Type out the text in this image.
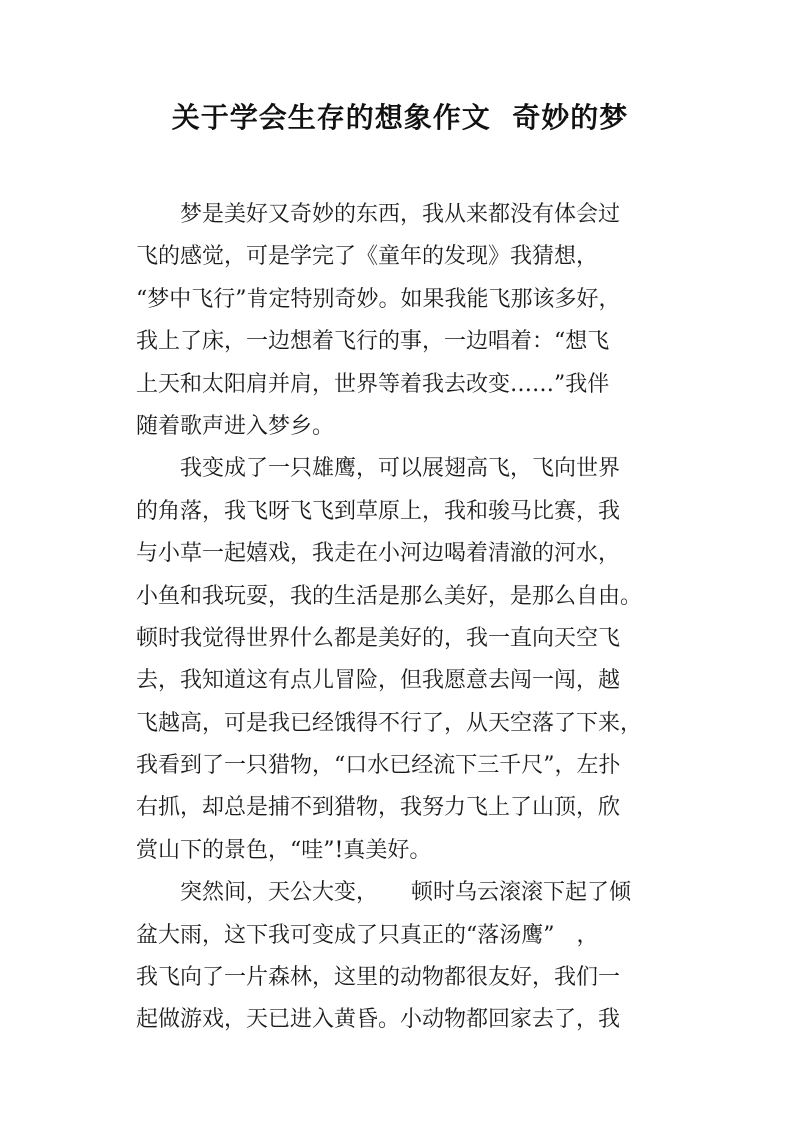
关于学会生存的想象作文  奇妙的梦
　　梦是美好又奇妙的东西，我从来都没有体会过
飞的感觉，可是学完了《童年的发现》我猜想，
“梦中飞行”肯定特别奇妙。如果我能飞那该多好，
我上了床，一边想着飞行的事，一边唱着：“想飞
上天和太阳肩并肩，世界等着我去改变……”我伴
随着歌声进入梦乡。
　　我变成了一只雄鹰，可以展翅高飞，飞向世界
的角落，我飞呀飞飞到草原上，我和骏马比赛，我
与小草一起嬉戏，我走在小河边喝着清澈的河水，
小鱼和我玩耍，我的生活是那么美好，是那么自由。
顿时我觉得世界什么都是美好的，我一直向天空飞
去，我知道这有点儿冒险，但我愿意去闯一闯，越
飞越高，可是我已经饿得不行了，从天空落了下来，
我看到了一只猎物，“口水已经流下三千尺”，左扑
右抓，却总是捕不到猎物，我努力飞上了山顶，欣
赏山下的景色，“哇”!真美好。
　　突然间，天公大变，　　顿时乌云滚滚下起了倾
盆大雨，这下我可变成了只真正的“落汤鹰”　，
我飞向了一片森林，这里的动物都很友好，我们一
起做游戏，天已进入黄昏。小动物都回家去了，我
